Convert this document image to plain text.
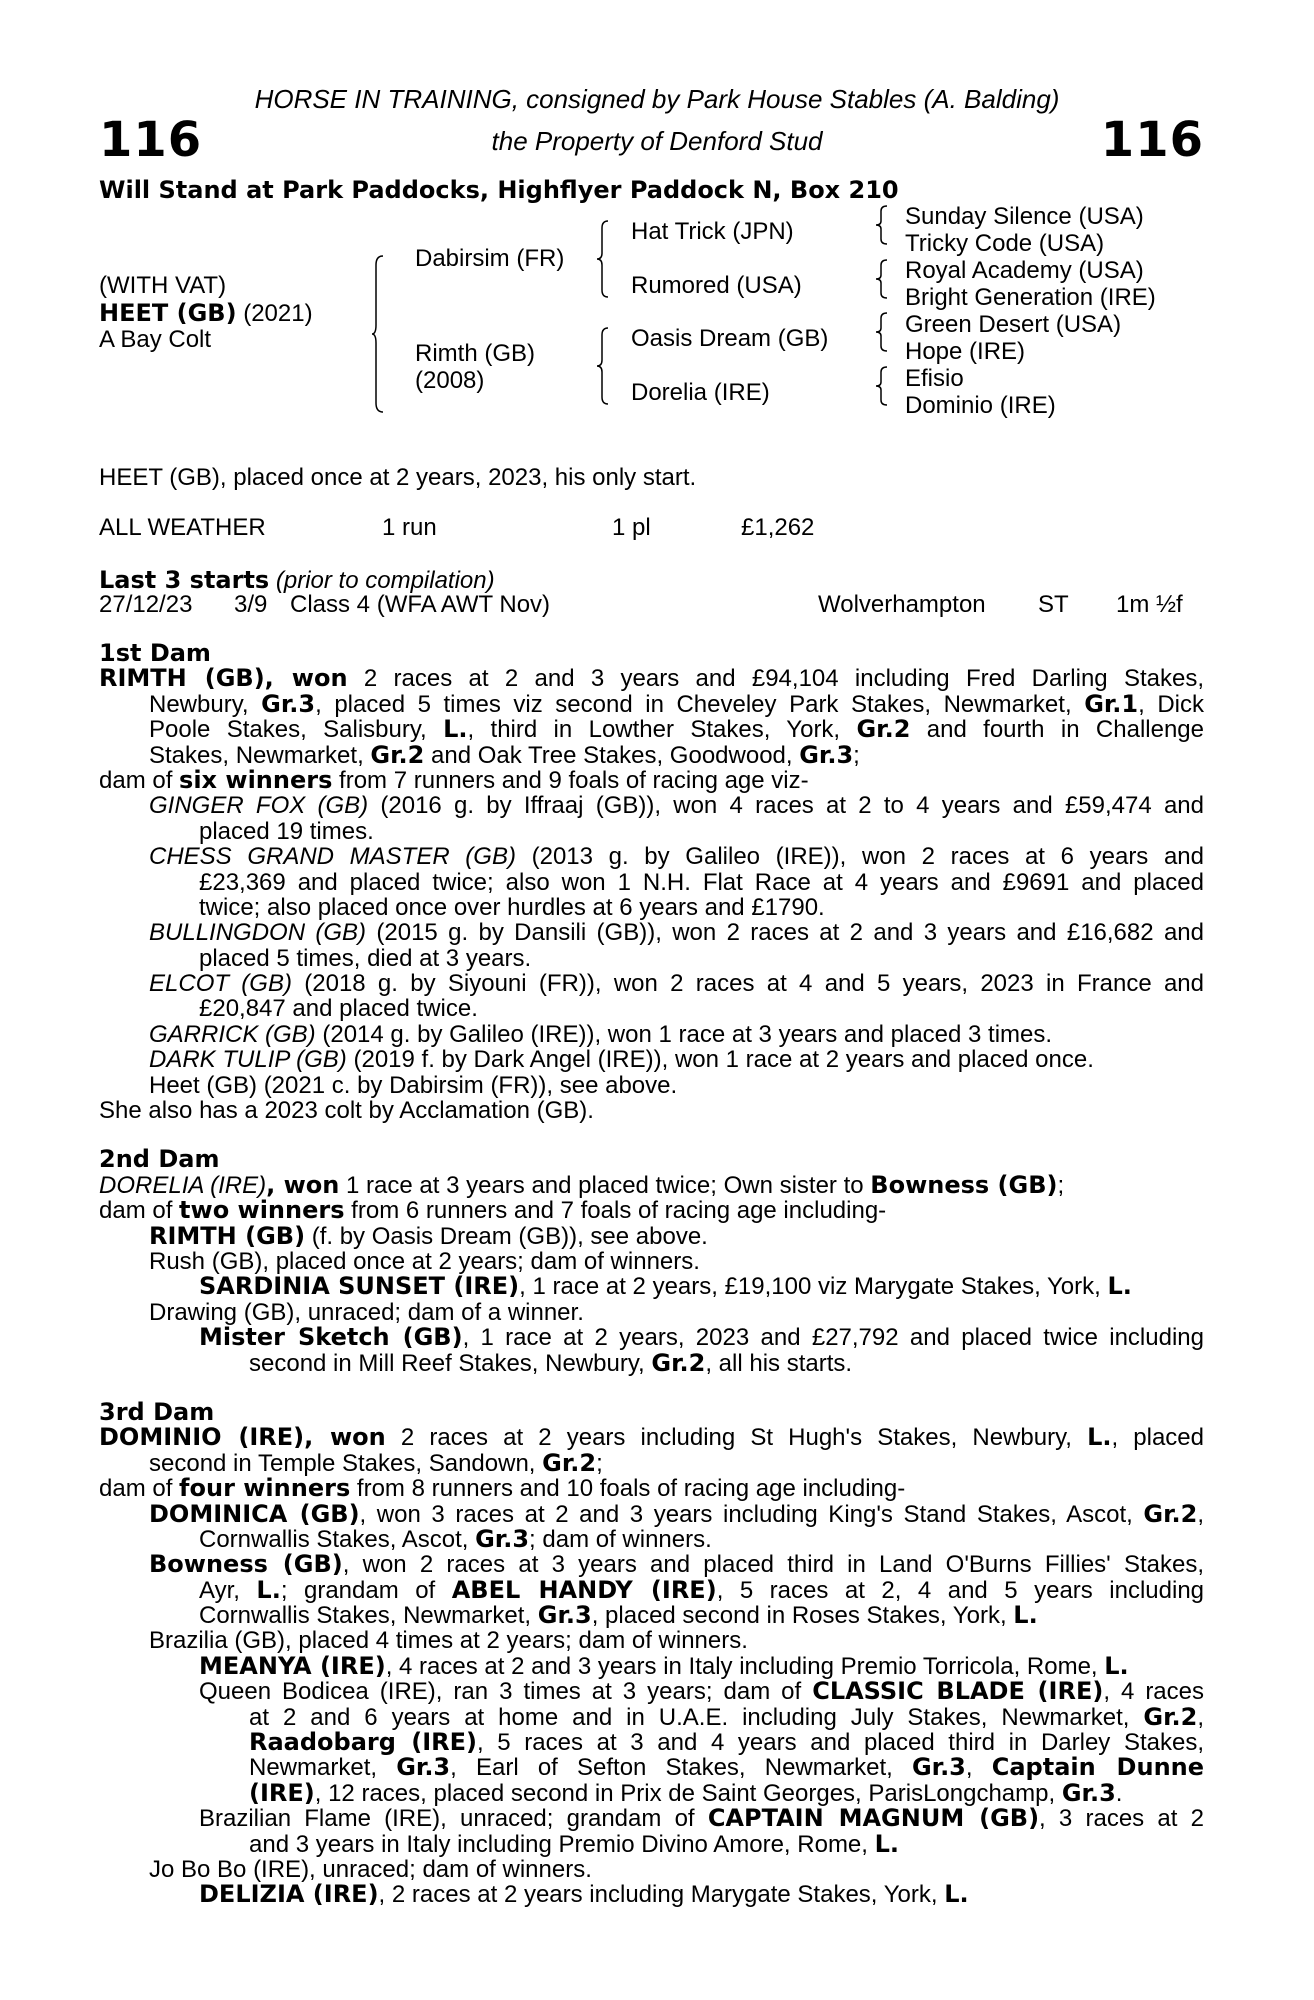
116	116
HORSE IN TRAINING, consigned by Park House Stables (A. Balding)
the Property of Denford Stud
Will Stand at Park Paddocks, Highflyer Paddock N, Box 210
(WITH VAT)
HEET (GB) (2021)
A Bay Colt
Dabirsim (FR)
Rimth (GB)
(2008)
Hat Trick (JPN)
Rumored (USA)
Oasis Dream (GB)
Dorelia (IRE)
Sunday Silence (USA)
Tricky Code (USA)
Royal Academy (USA)
Bright Generation (IRE)
Green Desert (USA)
Hope (IRE)
Efisio
Dominio (IRE)
HEET (GB), placed once at 2 years, 2023, his only start.
ALL WEATHER	1 run	1 pl	£1,262
Last 3 starts (prior to compilation)
27/12/23 3/9 Class 4 (WFA AWT Nov)	Wolverhampton ST 1m ½f
1st Dam
RIMTH (GB), won 2 races at 2 and 3 years and £94,104 including Fred Darling Stakes,
Newbury, Gr.3, placed 5 times viz second in Cheveley Park Stakes, Newmarket, Gr.1, Dick
Poole Stakes, Salisbury, L., third in Lowther Stakes, York, Gr.2 and fourth in Challenge
Stakes, Newmarket, Gr.2 and Oak Tree Stakes, Goodwood, Gr.3;
dam of six winners from 7 runners and 9 foals of racing age viz-
GINGER FOX (GB) (2016 g. by Iffraaj (GB)), won 4 races at 2 to 4 years and £59,474 and
placed 19 times.
CHESS GRAND MASTER (GB) (2013 g. by Galileo (IRE)), won 2 races at 6 years and
£23,369 and placed twice; also won 1 N.H. Flat Race at 4 years and £9691 and placed
twice; also placed once over hurdles at 6 years and £1790.
BULLINGDON (GB) (2015 g. by Dansili (GB)), won 2 races at 2 and 3 years and £16,682 and
placed 5 times, died at 3 years.
ELCOT (GB) (2018 g. by Siyouni (FR)), won 2 races at 4 and 5 years, 2023 in France and
£20,847 and placed twice.
GARRICK (GB) (2014 g. by Galileo (IRE)), won 1 race at 3 years and placed 3 times.
DARK TULIP (GB) (2019 f. by Dark Angel (IRE)), won 1 race at 2 years and placed once.
Heet (GB) (2021 c. by Dabirsim (FR)), see above.
She also has a 2023 colt by Acclamation (GB).
2nd Dam
DORELIA (IRE), won 1 race at 3 years and placed twice; Own sister to Bowness (GB);
dam of two winners from 6 runners and 7 foals of racing age including-
RIMTH (GB) (f. by Oasis Dream (GB)), see above.
Rush (GB), placed once at 2 years; dam of winners.
SARDINIA SUNSET (IRE), 1 race at 2 years, £19,100 viz Marygate Stakes, York, L.
Drawing (GB), unraced; dam of a winner.
Mister Sketch (GB), 1 race at 2 years, 2023 and £27,792 and placed twice including
second in Mill Reef Stakes, Newbury, Gr.2, all his starts.
3rd Dam
DOMINIO (IRE), won 2 races at 2 years including St Hugh's Stakes, Newbury, L., placed
second in Temple Stakes, Sandown, Gr.2;
dam of four winners from 8 runners and 10 foals of racing age including-
DOMINICA (GB), won 3 races at 2 and 3 years including King's Stand Stakes, Ascot, Gr.2,
Cornwallis Stakes, Ascot, Gr.3; dam of winners.
Bowness (GB), won 2 races at 3 years and placed third in Land O'Burns Fillies' Stakes,
Ayr, L.; grandam of ABEL HANDY (IRE), 5 races at 2, 4 and 5 years including
Cornwallis Stakes, Newmarket, Gr.3, placed second in Roses Stakes, York, L.
Brazilia (GB), placed 4 times at 2 years; dam of winners.
MEANYA (IRE), 4 races at 2 and 3 years in Italy including Premio Torricola, Rome, L.
Queen Bodicea (IRE), ran 3 times at 3 years; dam of CLASSIC BLADE (IRE), 4 races
at 2 and 6 years at home and in U.A.E. including July Stakes, Newmarket, Gr.2,
Raadobarg (IRE), 5 races at 3 and 4 years and placed third in Darley Stakes,
Newmarket, Gr.3, Earl of Sefton Stakes, Newmarket, Gr.3, Captain Dunne
(IRE), 12 races, placed second in Prix de Saint Georges, ParisLongchamp, Gr.3.
Brazilian Flame (IRE), unraced; grandam of CAPTAIN MAGNUM (GB), 3 races at 2
and 3 years in Italy including Premio Divino Amore, Rome, L.
Jo Bo Bo (IRE), unraced; dam of winners.
DELIZIA (IRE), 2 races at 2 years including Marygate Stakes, York, L.
